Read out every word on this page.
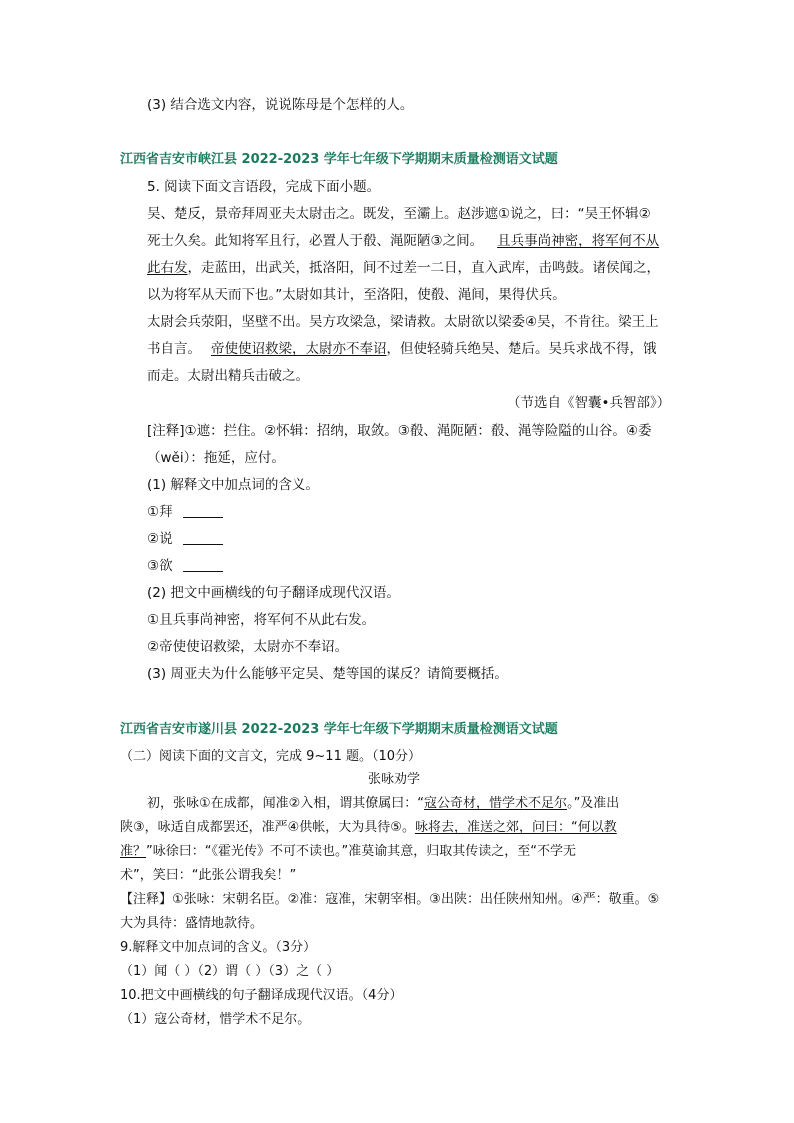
(3) 结合选文内容，说说陈母是个怎样的人。

江西省吉安市峡江县 2022-2023 学年七年级下学期期末质量检测语文试题

5. 阅读下面文言语段，完成下面小题。

吴、楚反，景帝拜周亚夫太尉击之。既发，至灞上。赵涉遮①说之，曰：“吴王怀辑②

死士久矣。此知将军且行，必置人于殽、渑阨陋③之间。 且兵事尚神密，将军何不从

此右发，走蓝田，出武关，抵洛阳，间不过差一二日，直入武库，击鸣鼓。诸侯闻之，

以为将军从天而下也。”太尉如其计，至洛阳，使殽、渑间，果得伏兵。

太尉会兵荥阳，坚壁不出。吴方攻梁急，梁请救。太尉欲以梁委④吴，不肯往。梁王上

书自言。 帝使使诏救梁，太尉亦不奉诏，但使轻骑兵绝吴、楚后。吴兵求战不得，饿

而走。太尉出精兵击破之。

（节选自《智囊•兵智部》）

[注释]①遮：拦住。②怀辑：招纳，取敛。③殽、渑阨陋：殽、渑等险隘的山谷。④委

（wěi）：拖延，应付。

(1) 解释文中加点词的含义。

①拜

②说

③欲

(2) 把文中画横线的句子翻译成现代汉语。

①且兵事尚神密，将军何不从此右发。

②帝使使诏救梁，太尉亦不奉诏。

(3) 周亚夫为什么能够平定吴、楚等国的谋反？请简要概括。

江西省吉安市遂川县 2022-2023 学年七年级下学期期末质量检测语文试题

（二）阅读下面的文言文，完成 9~11 题。（10分）

张咏劝学

初，张咏①在成都，闻准②入相，谓其僚属曰：“寇公奇材，惜学术不足尔。”及准出

陕③，咏适自成都罢还，准严④供帐，大为具待⑤。咏将去，准送之郊，问曰：“何以教

准？”咏徐曰：“《霍光传》不可不读也。”准莫谕其意，归取其传读之，至“不学无

术”，笑曰：“此张公谓我矣！”

【注释】①张咏：宋朝名臣。②准：寇准，宋朝宰相。③出陕：出任陕州知州。④严：敬重。⑤

大为具待：盛情地款待。

9.解释文中加点词的含义。（3分）

（1）闻（ ）（2）谓（ ）（3）之（ ）

10.把文中画横线的句子翻译成现代汉语。（4分）

（1）寇公奇材，惜学术不足尔。
